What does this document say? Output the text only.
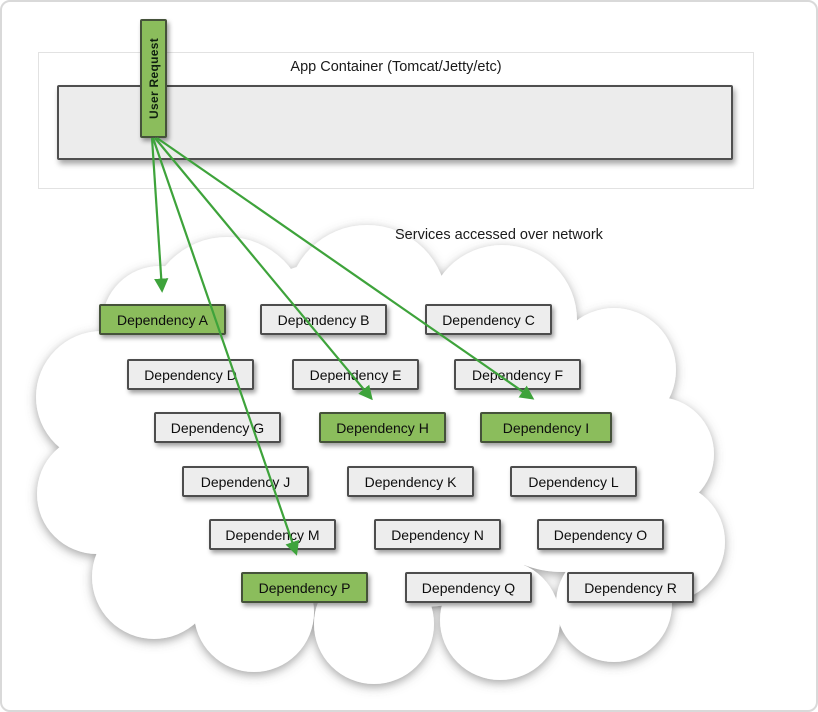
App Container (Tomcat/Jetty/etc)
User Request
Services accessed over network
Dependency A	Dependency B	Dependency C
Dependency D	Dependency E	Dependency F
Dependency G	Dependency H	Dependency I
Dependency J	Dependency K	Dependency L
Dependency M	Dependency N	Dependency O
Dependency P	Dependency Q	Dependency R
